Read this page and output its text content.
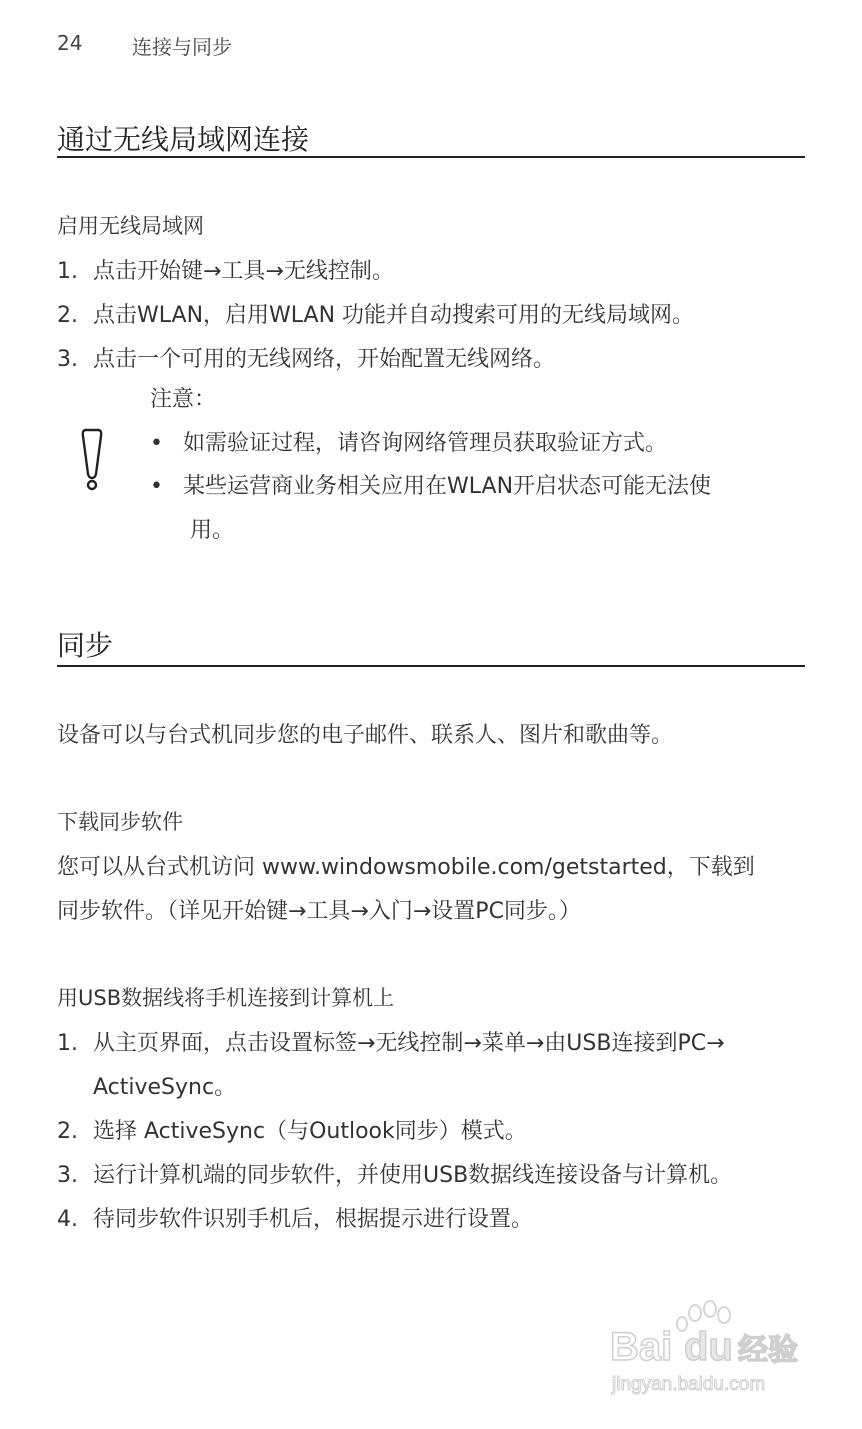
24 连接与同步
通过无线局域网连接
启用无线局域网
1. 点击开始键→工具→无线控制。
2. 点击WLAN，启用WLAN 功能并自动搜索可用的无线局域网。
3. 点击一个可用的无线网络，开始配置无线网络。
注意：
• 如需验证过程，请咨询网络管理员获取验证方式。
• 某些运营商业务相关应用在WLAN开启状态可能无法使
用。
同步
设备可以与台式机同步您的电子邮件、联系人、图片和歌曲等。
下载同步软件
您可以从台式机访问 www.windowsmobile.com/getstarted，下载到
同步软件。（详见开始键→工具→入门→设置PC同步。）
用USB数据线将手机连接到计算机上
1. 从主页界面，点击设置标签→无线控制→菜单→由USB连接到PC→
ActiveSync。
2. 选择 ActiveSync（与Outlook同步）模式。
3. 运行计算机端的同步软件，并使用USB数据线连接设备与计算机。
4. 待同步软件识别手机后，根据提示进行设置。
Bai du 经验
jingyan.baidu.com
